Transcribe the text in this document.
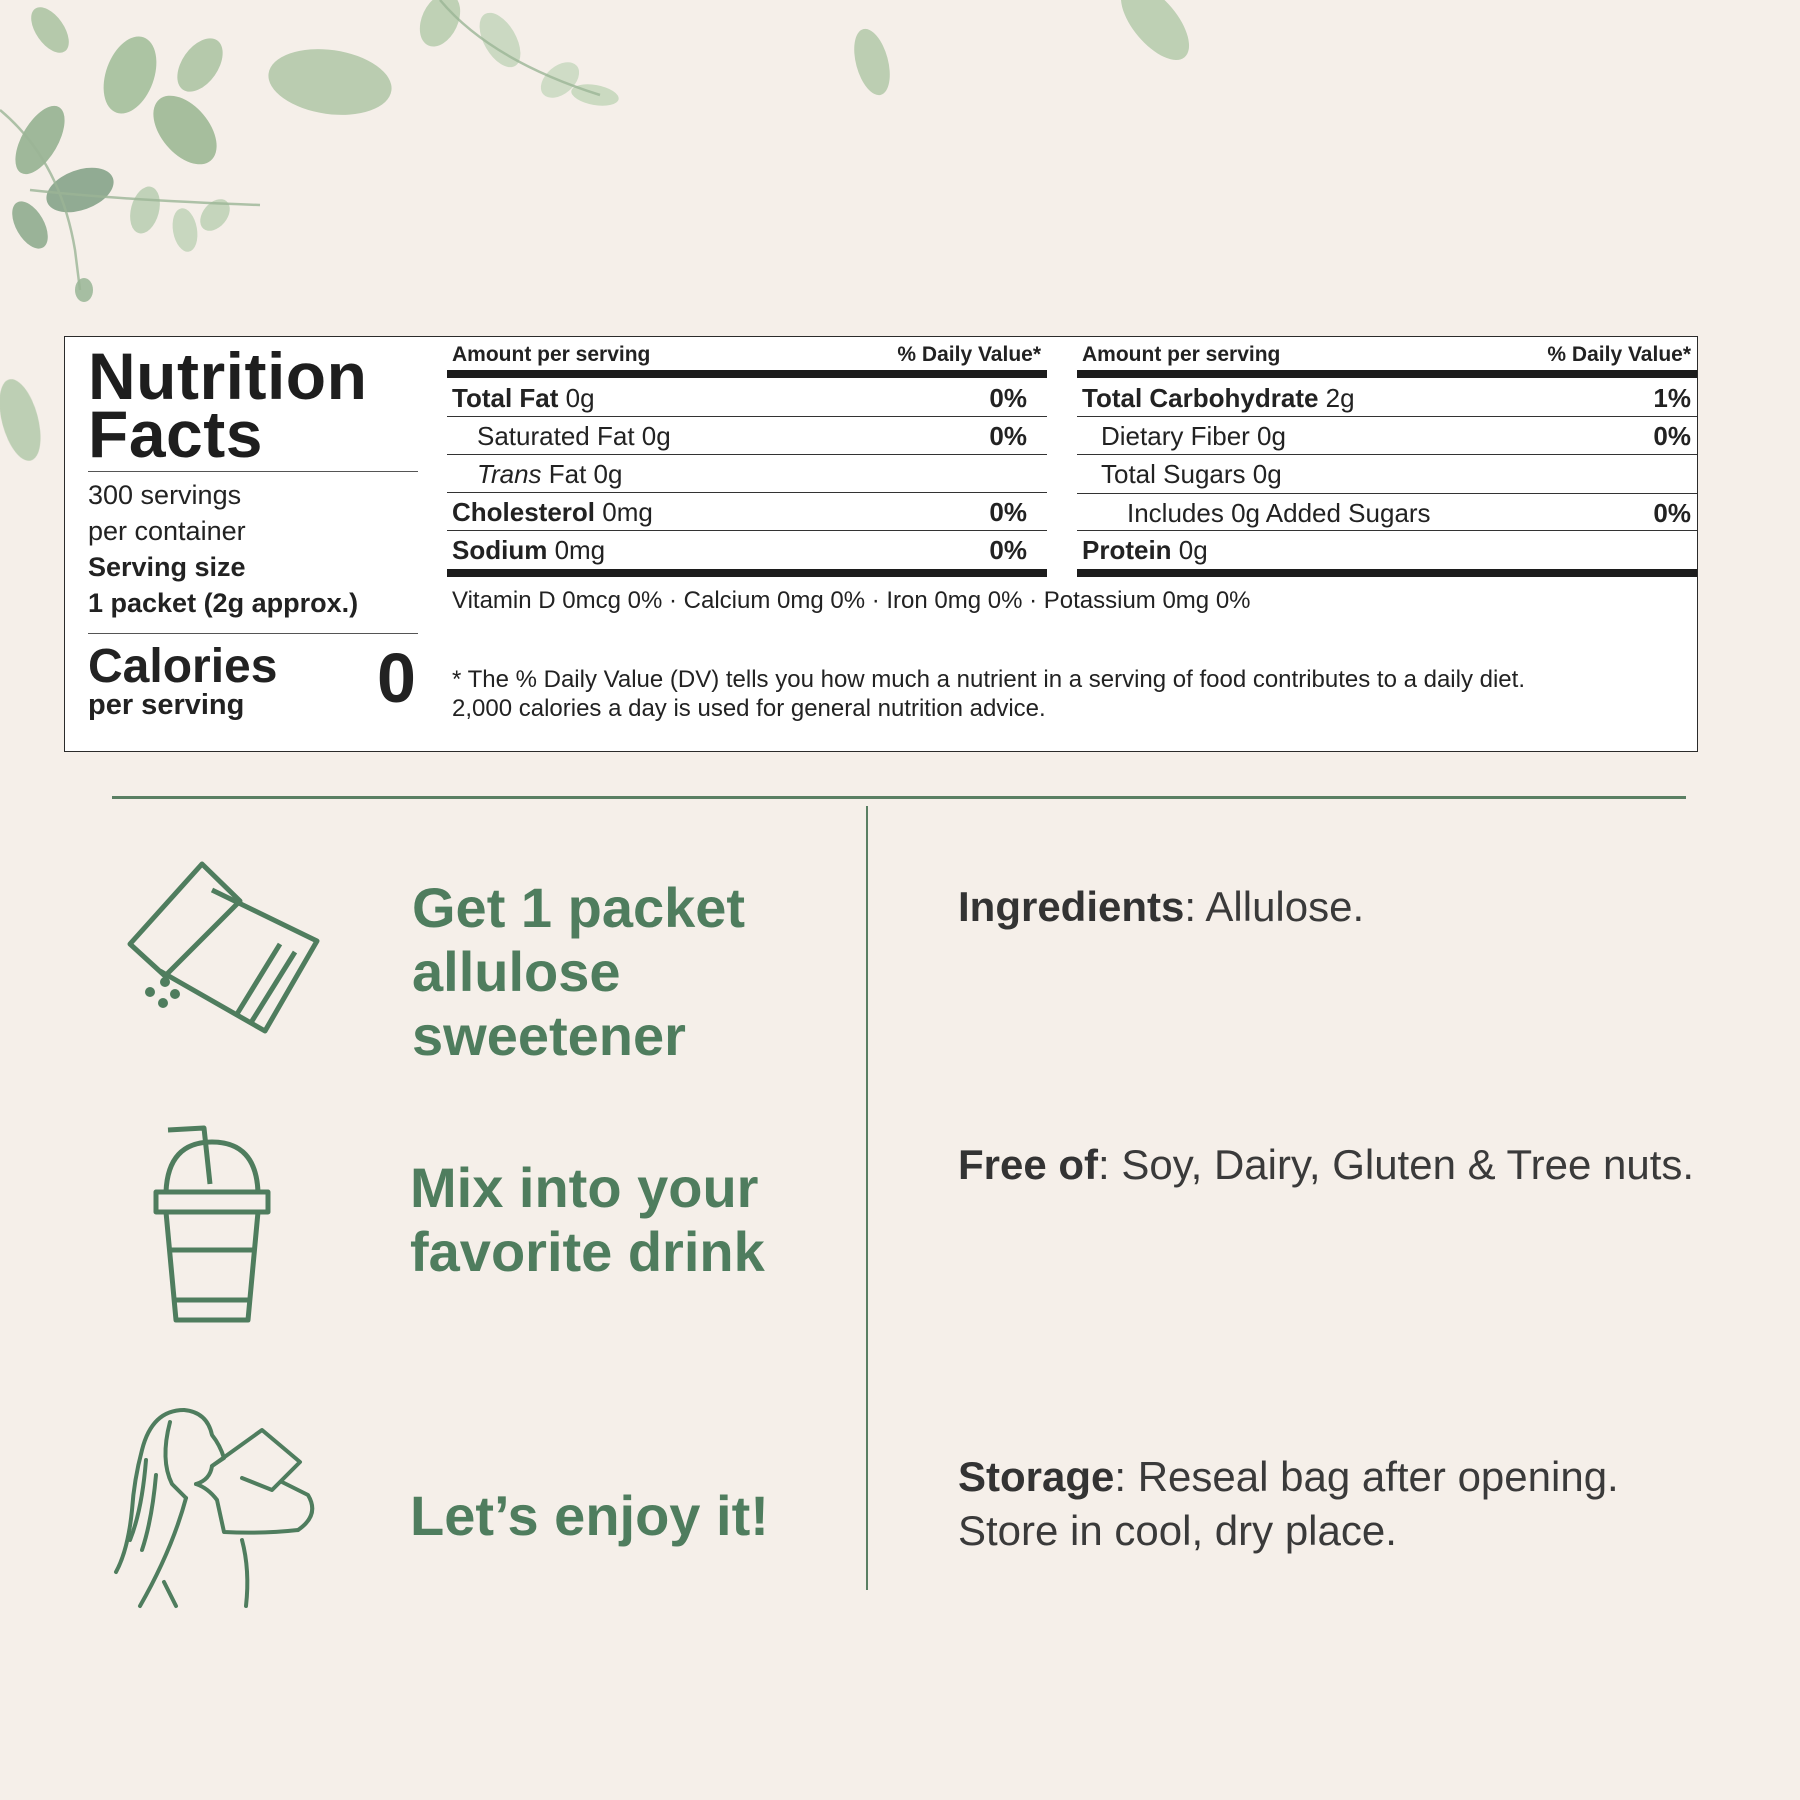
Nutrition
Facts
300 servings
per container
Serving size
1 packet (2g approx.)
Calories
per serving 0
Amount per serving	% Daily Value*
Total Fat 0g	0%
Saturated Fat 0g	0%
Trans Fat 0g
Cholesterol 0mg	0%
Sodium 0mg	0%
Amount per serving	% Daily Value*
Total Carbohydrate 2g	1%
Dietary Fiber 0g	0%
Total Sugars 0g
Includes 0g Added Sugars	0%
Protein 0g
Vitamin D 0mcg 0% · Calcium 0mg 0% · Iron 0mg 0% · Potassium 0mg 0%
* The % Daily Value (DV) tells you how much a nutrient in a serving of food contributes to a daily diet.
2,000 calories a day is used for general nutrition advice.
Get 1 packet
allulose
sweetener
Mix into your
favorite drink
Let’s enjoy it!
Ingredients: Allulose.
Free of: Soy, Dairy, Gluten & Tree nuts.
Storage: Reseal bag after opening. Store in cool, dry place.
